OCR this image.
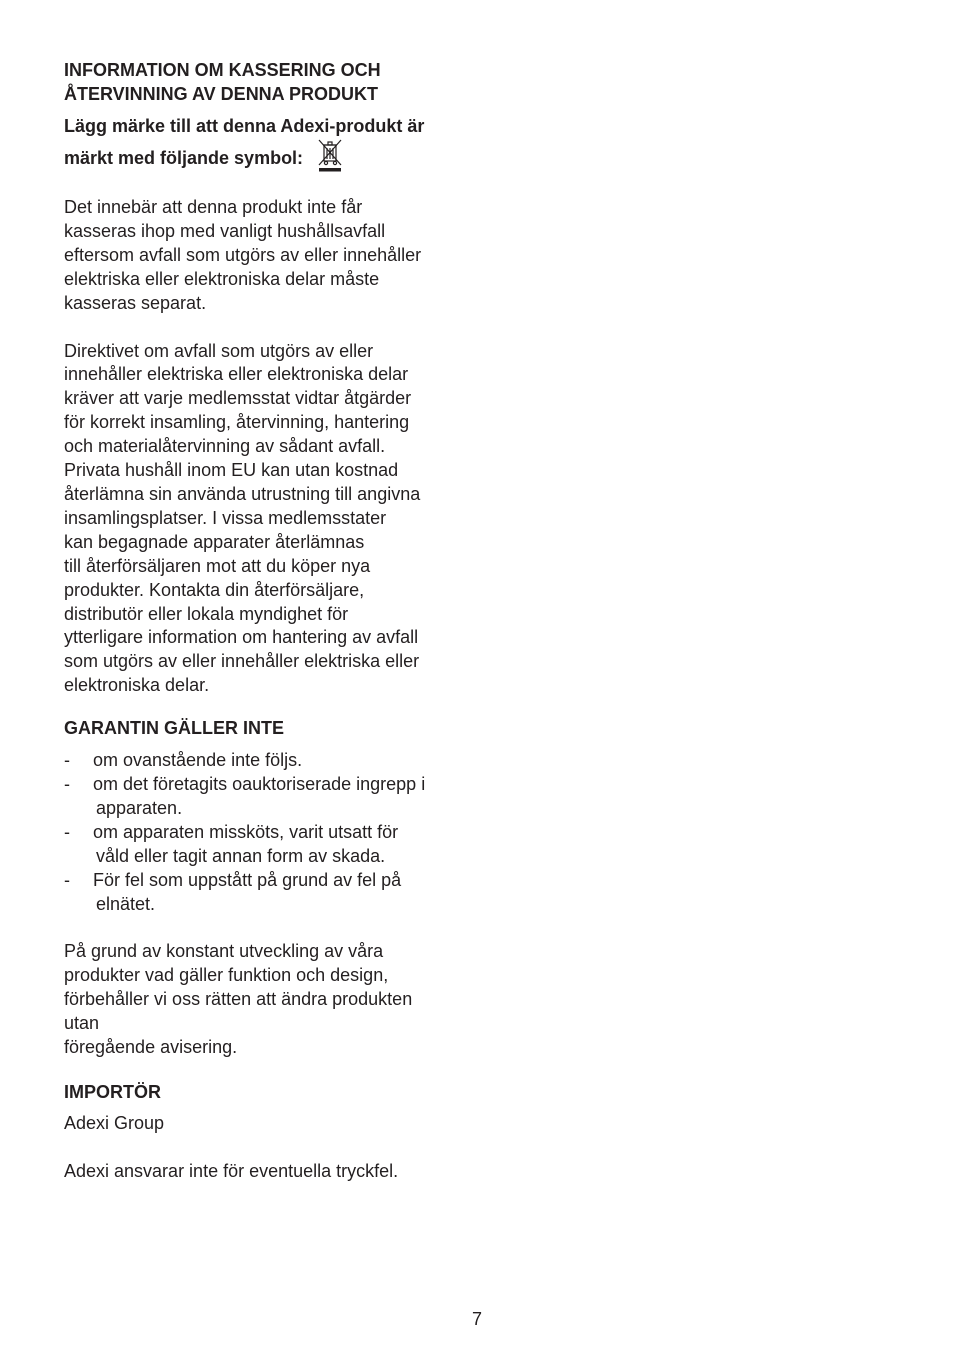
INFORMATION OM KASSERING OCH
ÅTERVINNING AV DENNA PRODUKT
Lägg märke till att denna Adexi-produkt är
märkt med följande symbol:
Det innebär att denna produkt inte får
kasseras ihop med vanligt hushållsavfall
eftersom avfall som utgörs av eller innehåller
elektriska eller elektroniska delar måste
kasseras separat.
Direktivet om avfall som utgörs av eller
innehåller elektriska eller elektroniska delar
kräver att varje medlemsstat vidtar åtgärder
för korrekt insamling, återvinning, hantering
och materialåtervinning av sådant avfall.
Privata hushåll inom EU kan utan kostnad
återlämna sin använda utrustning till angivna
insamlingsplatser. I vissa medlemsstater
kan begagnade apparater återlämnas
till återförsäljaren mot att du köper nya
produkter. Kontakta din återförsäljare,
distributör eller lokala myndighet för
ytterligare information om hantering av avfall
som utgörs av eller innehåller elektriska eller
elektroniska delar.
GARANTIN GÄLLER INTE
-	om ovanstående inte följs.
-	om det företagits oauktoriserade ingrepp i
apparaten.
-	om apparaten missköts, varit utsatt för
våld eller tagit annan form av skada.
-	För fel som uppstått på grund av fel på
elnätet.
På grund av konstant utveckling av våra
produkter vad gäller funktion och design,
förbehåller vi oss rätten att ändra produkten
utan
föregående avisering.
IMPORTÖR
Adexi Group
Adexi ansvarar inte för eventuella tryckfel.
7
